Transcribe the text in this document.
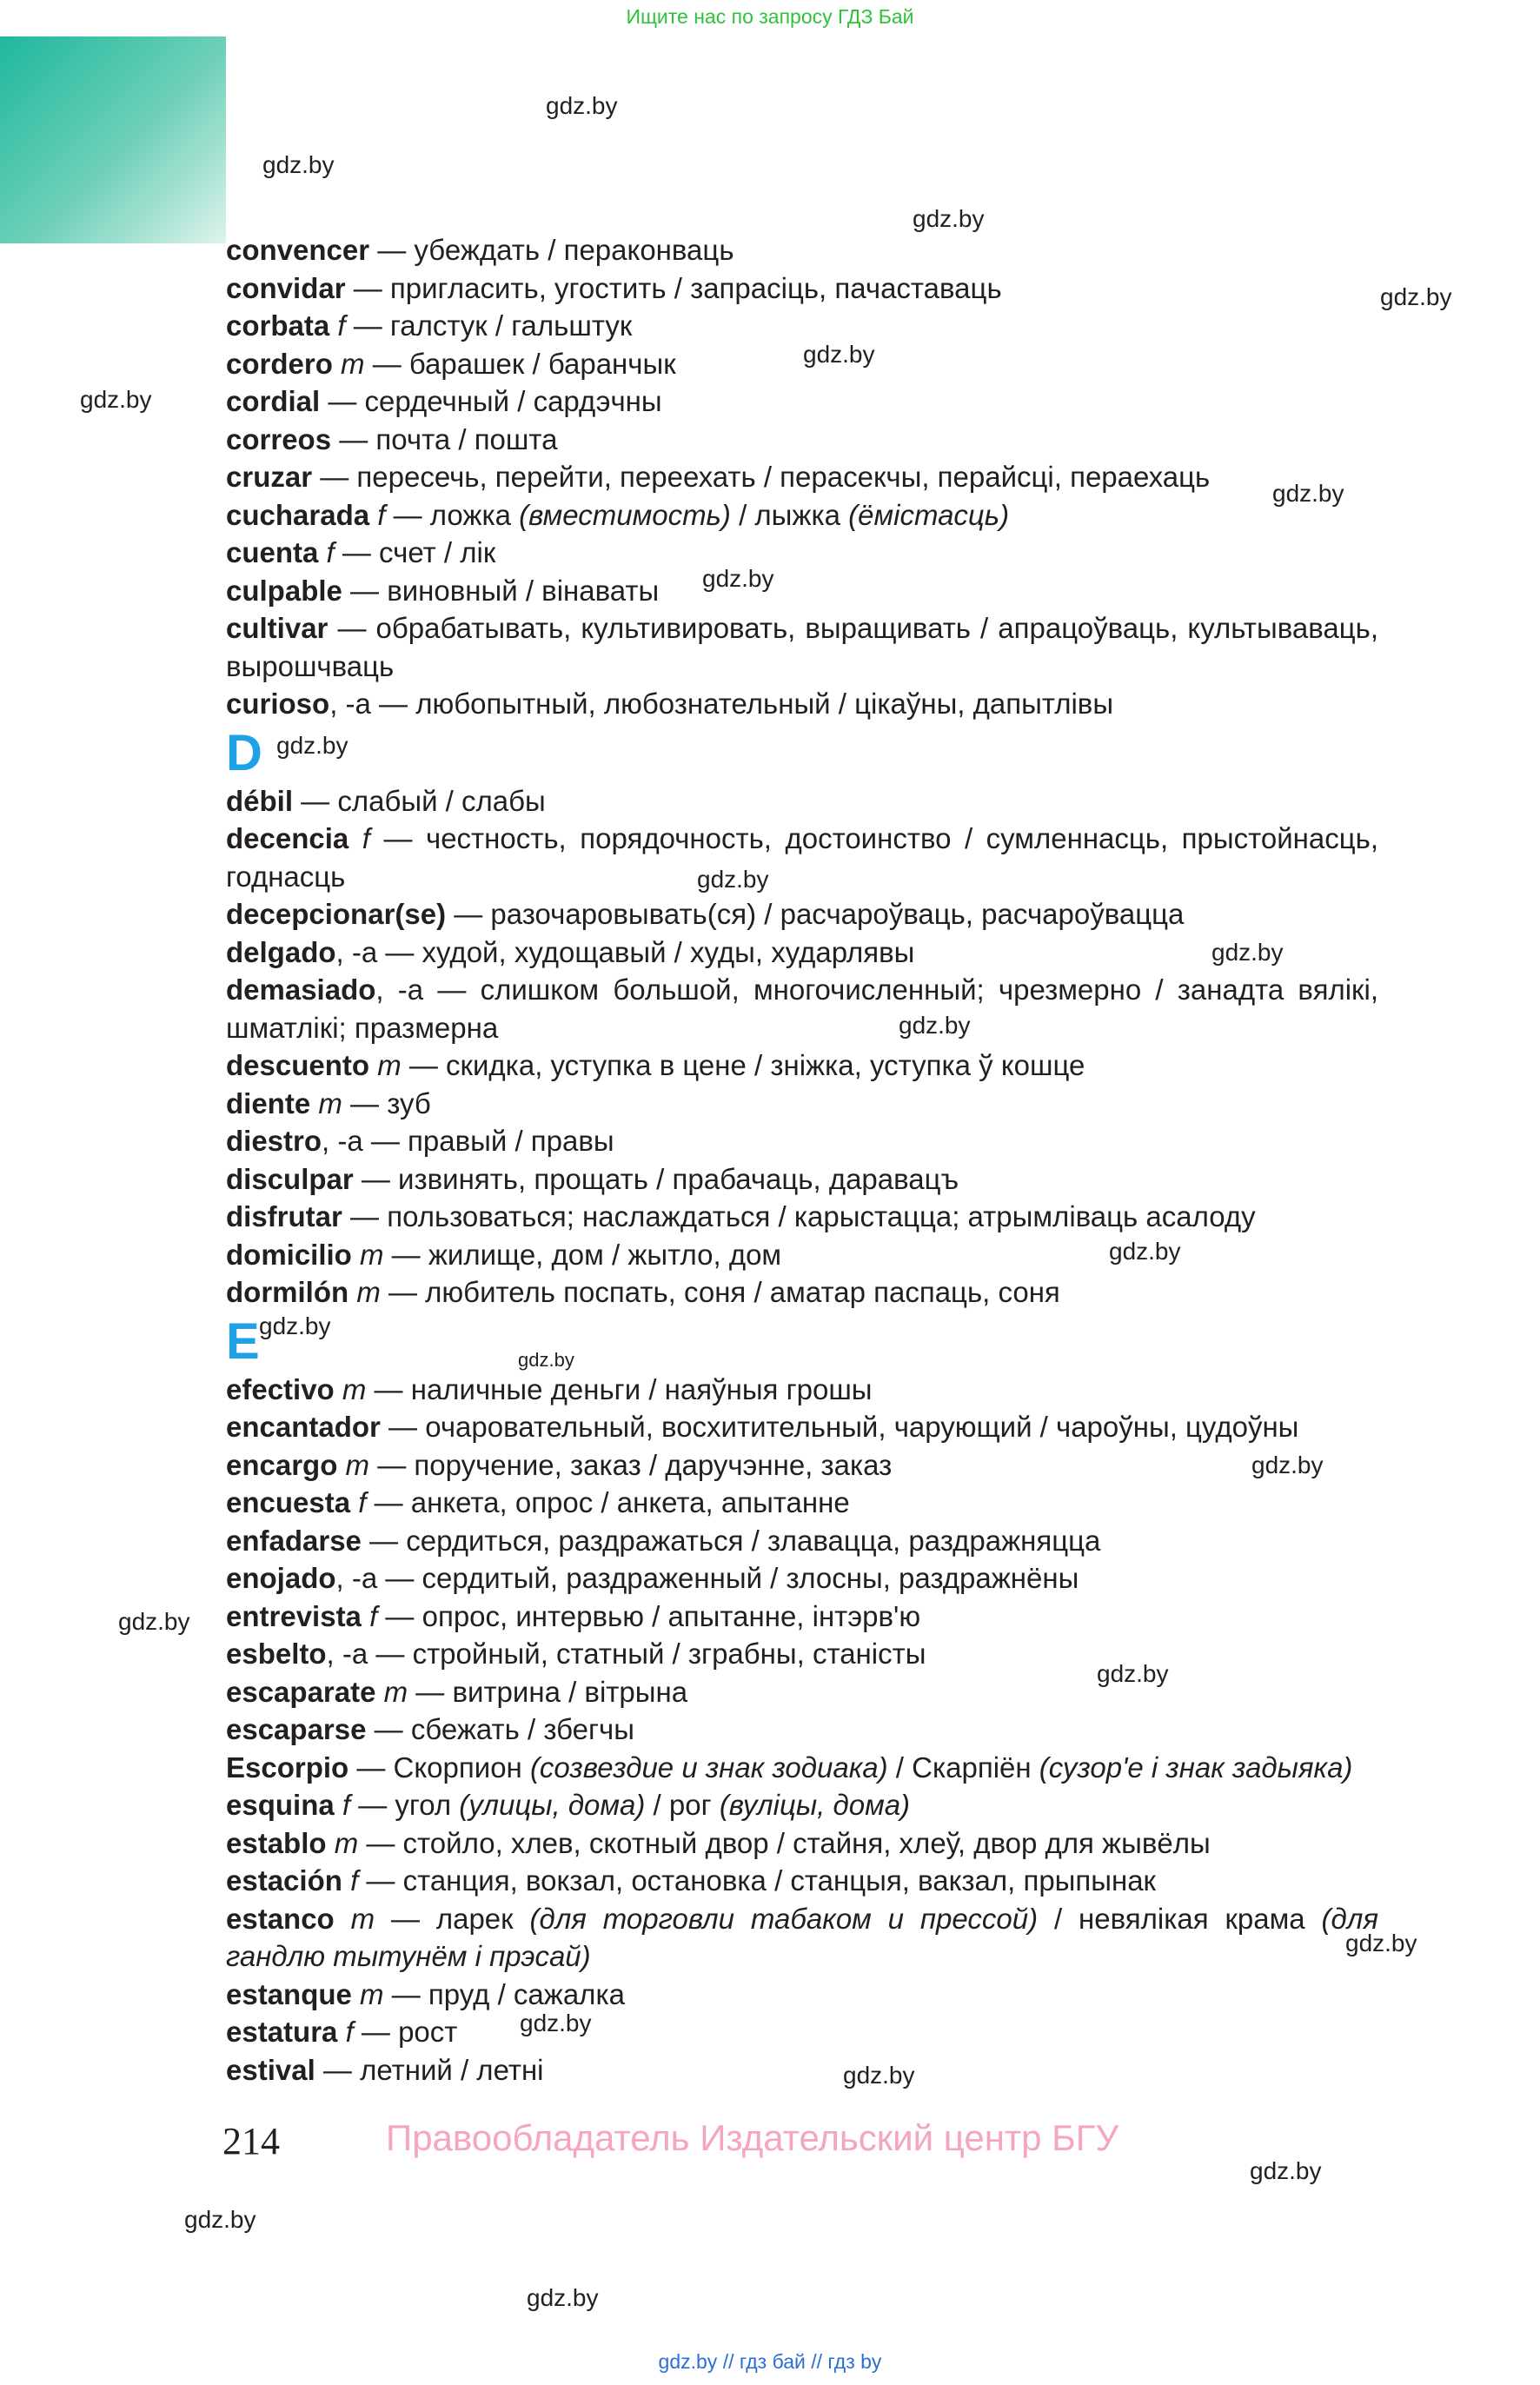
Ищите нас по запросу ГДЗ Бай

convencer — убеждать / пераконваць

convidar — пригласить, угостить / запрасіць, пачаставаць

corbata f — галстук / гальштук

cordero m — барашек / баранчык

cordial — сердечный / сардэчны

correos — почта / пошта

cruzar — пересечь, перейти, переехать / перасекчы, перайсці, пераехаць

cucharada f — ложка (вместимость) / лыжка (ёмістасць)

cuenta f — счет / лік

culpable — виновный / вінаваты

cultivar — обрабатывать, культивировать, выращивать / апрацоўваць, культываваць, вырошчваць

curioso, -a — любопытный, любознательный / цікаўны, дапытлівы

D

débil — слабый / слабы

decencia f — честность, порядочность, достоинство / сумленнасць, прыстойнасць, годнасць

decepcionar(se) — разочаровывать(ся) / расчароўваць, расчароўвацца

delgado, -a — худой, худощавый / худы, хударлявы

demasiado, -a — слишком большой, многочисленный; чрезмерно / занадта вялікі, шматлікі; празмерна

descuento m — скидка, уступка в цене / зніжка, уступка ў кошце

diente m — зуб

diestro, -a — правый / правы

disculpar — извинять, прощать / прабачаць, даравацъ

disfrutar — пользоваться; наслаждаться / карыстацца; атрымліваць асалоду

domicilio m — жилище, дом / жытло, дом

dormilón m — любитель поспать, соня / аматар паспаць, соня

E

efectivo m — наличные деньги / наяўныя грошы

encantador — очаровательный, восхитительный, чарующий / чароўны, цудоўны

encargo m — поручение, заказ / даручэнне, заказ

encuesta f — анкета, опрос / анкета, апытанне

enfadarse — сердиться, раздражаться / злавацца, раздражняцца

enojado, -a — сердитый, раздраженный / злосны, раздражнёны

entrevista f — опрос, интервью / апытанне, інтэрв'ю

esbelto, -a — стройный, статный / зграбны, станісты

escaparate m — витрина / вітрына

escaparse — сбежать / збегчы

Escorpio — Скорпион (созвездие и знак зодиака) / Скарпіён (сузор'е і знак задыяка)

esquina f — угол (улицы, дома) / рог (вуліцы, дома)

establo m — стойло, хлев, скотный двор / стайня, хлеў, двор для жывёлы

estación f — станция, вокзал, остановка / станцыя, вакзал, прыпынак

estanco m — ларек (для торговли табаком и прессой) / невялікая крама (для гандлю тытунём і прэсай)

estanque m — пруд / сажалка

estatura f — рост

estival — летний / летні

gdz.by
gdz.by
gdz.by
gdz.by
gdz.by
gdz.by
gdz.by
gdz.by
gdz.by
gdz.by
gdz.by
gdz.by
gdz.by
gdz.by
gdz.by
gdz.by
gdz.by
gdz.by
gdz.by
gdz.by
gdz.by
gdz.by
gdz.by
gdz.by
214	Правообладатель Издательский центр БГУ
gdz.by // гдз бай // гдз by
